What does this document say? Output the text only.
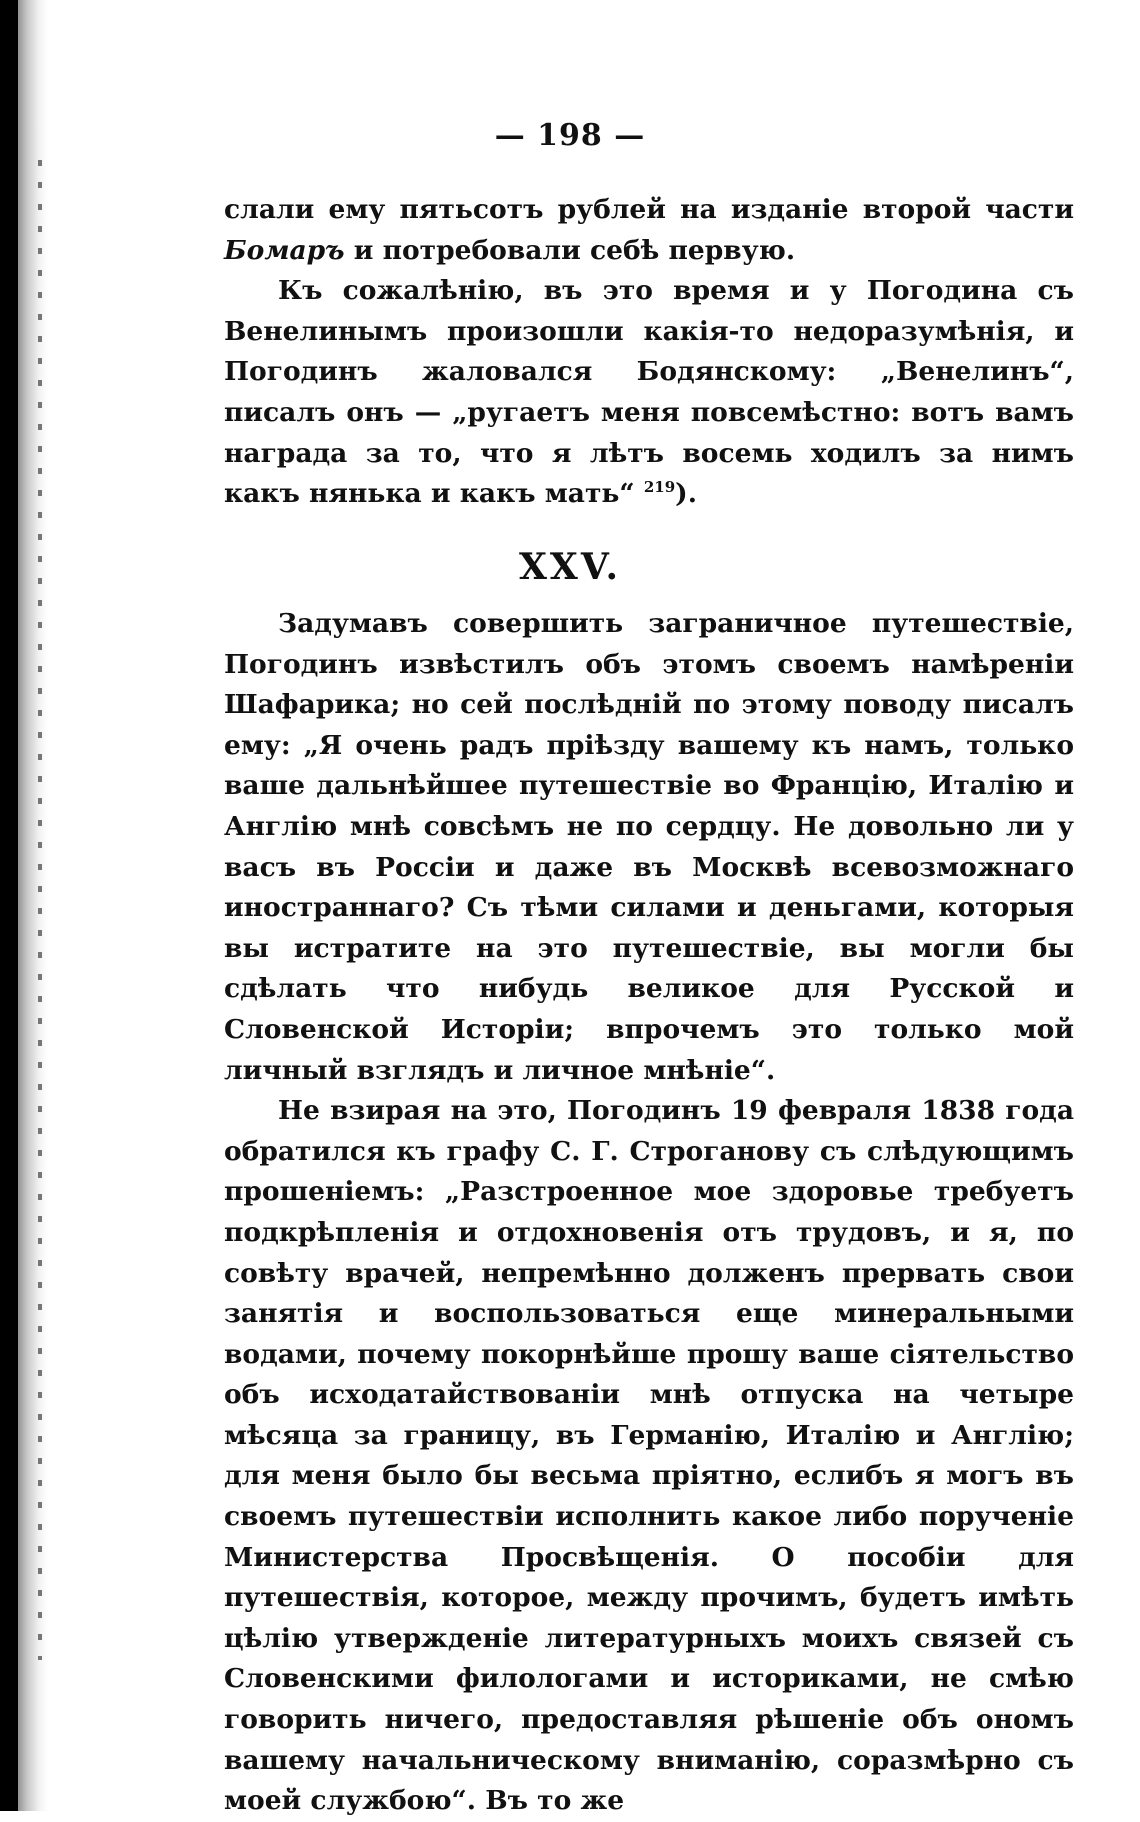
— 198 —

слали ему пятьсотъ рублей на изданіе второй части Бомаръ и потребовали себѣ первую.

Къ сожалѣнію, въ это время и у Погодина съ Венелинымъ произошли какія-то недоразумѣнія, и Погодинъ жаловался Бодянскому: „Венелинъ“, писалъ онъ — „ругаетъ меня повсемѣстно: вотъ вамъ награда за то, что я лѣтъ восемь ходилъ за нимъ какъ нянька и какъ мать“ $^{219}$).

XXV.

Задумавъ совершить заграничное путешествіе, Погодинъ извѣстилъ объ этомъ своемъ намѣреніи Шафарика; но сей послѣдній по этому поводу писалъ ему: „Я очень радъ пріѣзду вашему къ намъ, только ваше дальнѣйшее путешествіе во Францію, Италію и Англію мнѣ совсѣмъ не по сердцу. Не довольно ли у васъ въ Россіи и даже въ Москвѣ всевозможнаго иностраннаго? Съ тѣми силами и деньгами, которыя вы истратите на это путешествіе, вы могли бы сдѣлать что нибудь великое для Русской и Словенской Исторіи; впрочемъ это только мой личный взглядъ и личное мнѣніе“.

Не взирая на это, Погодинъ 19 февраля 1838 года обратился къ графу С. Г. Строганову съ слѣдующимъ прошеніемъ: „Разстроенное мое здоровье требуетъ подкрѣпленія и отдохновенія отъ трудовъ, и я, по совѣту врачей, непремѣнно долженъ прервать свои занятія и воспользоваться еще минеральными водами, почему покорнѣйше прошу ваше сіятельство объ исходатайствованіи мнѣ отпуска на четыре мѣсяца за границу, въ Германію, Италію и Англію; для меня было бы весьма пріятно, еслибъ я могъ въ своемъ путешествіи исполнить какое либо порученіе Министерства Просвѣщенія. О пособіи для путешествія, которое, между прочимъ, будетъ имѣть цѣлію утвержденіе литературныхъ моихъ связей съ Словенскими филологами и историками, не смѣю говорить ничего, предоставляя рѣшеніе объ ономъ вашему начальническому вниманію, соразмѣрно съ моей службою“. Въ то же
